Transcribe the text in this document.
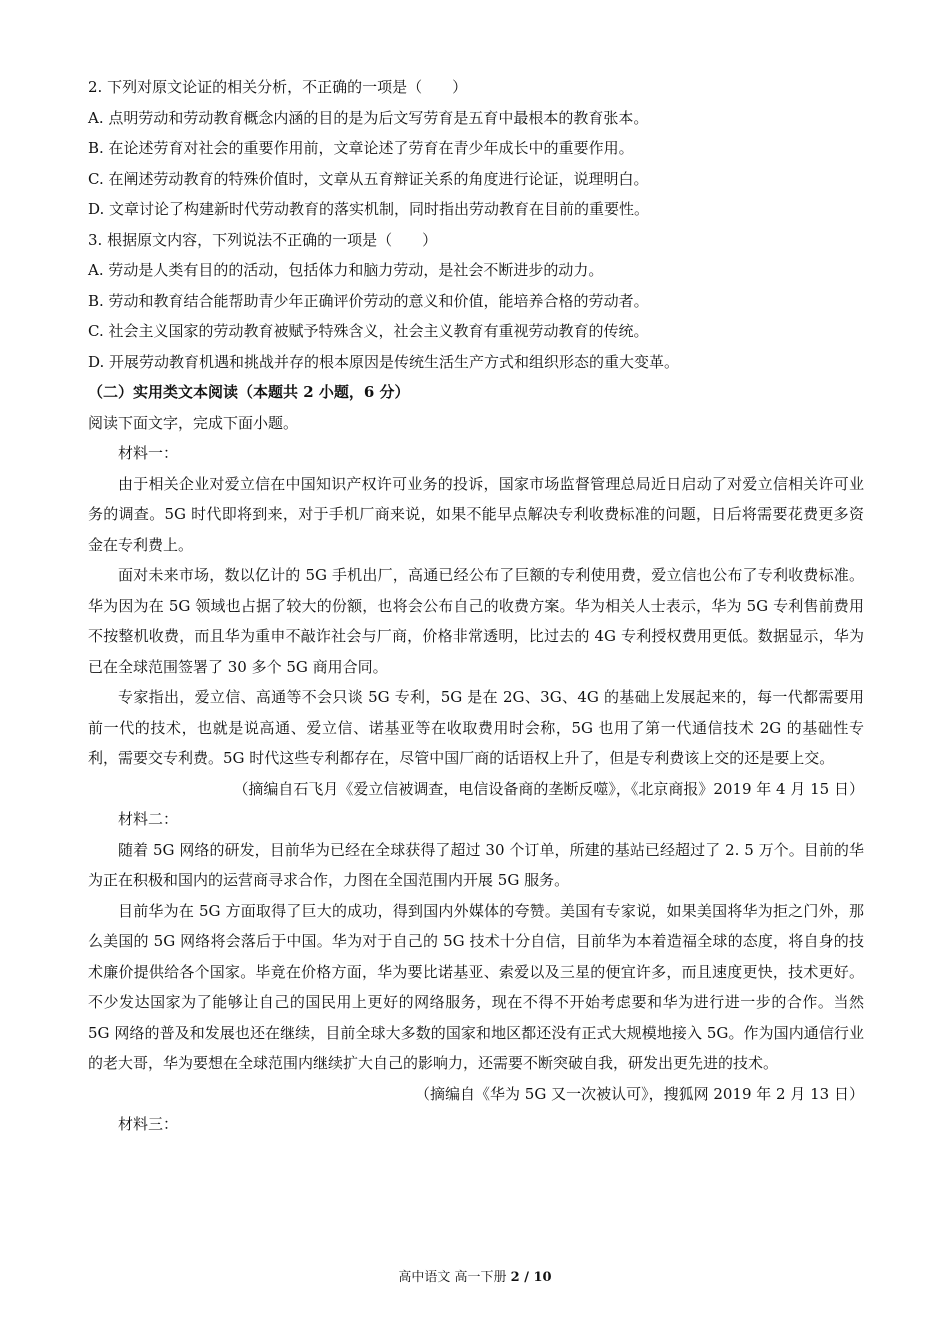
2. 下列对原文论证的相关分析，不正确的一项是（　　）
A. 点明劳动和劳动教育概念内涵的目的是为后文写劳育是五育中最根本的教育张本。
B. 在论述劳育对社会的重要作用前，文章论述了劳育在青少年成长中的重要作用。
C. 在阐述劳动教育的特殊价值时，文章从五育辩证关系的角度进行论证，说理明白。
D. 文章讨论了构建新时代劳动教育的落实机制，同时指出劳动教育在目前的重要性。
3. 根据原文内容，下列说法不正确的一项是（　　）
A. 劳动是人类有目的的活动，包括体力和脑力劳动，是社会不断进步的动力。
B. 劳动和教育结合能帮助青少年正确评价劳动的意义和价值，能培养合格的劳动者。
C. 社会主义国家的劳动教育被赋予特殊含义，社会主义教育有重视劳动教育的传统。
D. 开展劳动教育机遇和挑战并存的根本原因是传统生活生产方式和组织形态的重大变革。
（二）实用类文本阅读（本题共 2 小题，6 分）
阅读下面文字，完成下面小题。

材料一：

由于相关企业对爱立信在中国知识产权许可业务的投诉，国家市场监督管理总局近日启动了对爱立信相关许可业务的调查。5G 时代即将到来，对于手机厂商来说，如果不能早点解决专利收费标准的问题，日后将需要花费更多资金在专利费上。

面对未来市场，数以亿计的 5G 手机出厂，高通已经公布了巨额的专利使用费，爱立信也公布了专利收费标准。华为因为在 5G 领域也占据了较大的份额，也将会公布自己的收费方案。华为相关人士表示，华为 5G 专利售前费用不按整机收费，而且华为重申不敲诈社会与厂商，价格非常透明，比过去的 4G 专利授权费用更低。数据显示，华为已在全球范围签署了 30 多个 5G 商用合同。

专家指出，爱立信、高通等不会只谈 5G 专利，5G 是在 2G、3G、4G 的基础上发展起来的，每一代都需要用前一代的技术，也就是说高通、爱立信、诺基亚等在收取费用时会称，5G 也用了第一代通信技术 2G 的基础性专利，需要交专利费。5G 时代这些专利都存在，尽管中国厂商的话语权上升了，但是专利费该上交的还是要上交。

（摘编自石飞月《爱立信被调查，电信设备商的垄断反噬》，《北京商报》2019 年 4 月 15 日）

材料二：

随着 5G 网络的研发，目前华为已经在全球获得了超过 30 个订单，所建的基站已经超过了 2. 5 万个。目前的华为正在积极和国内的运营商寻求合作，力图在全国范围内开展 5G 服务。

目前华为在 5G 方面取得了巨大的成功，得到国内外媒体的夸赞。美国有专家说，如果美国将华为拒之门外，那么美国的 5G 网络将会落后于中国。华为对于自己的 5G 技术十分自信，目前华为本着造福全球的态度，将自身的技术廉价提供给各个国家。毕竟在价格方面，华为要比诺基亚、索爱以及三星的便宜许多，而且速度更快，技术更好。不少发达国家为了能够让自己的国民用上更好的网络服务，现在不得不开始考虑要和华为进行进一步的合作。当然 5G 网络的普及和发展也还在继续，目前全球大多数的国家和地区都还没有正式大规模地接入 5G。作为国内通信行业的老大哥，华为要想在全球范围内继续扩大自己的影响力，还需要不断突破自我，研发出更先进的技术。

（摘编自《华为 5G 又一次被认可》，搜狐网 2019 年 2 月 13 日）

材料三：

高中语文 高一下册 2 / 10
